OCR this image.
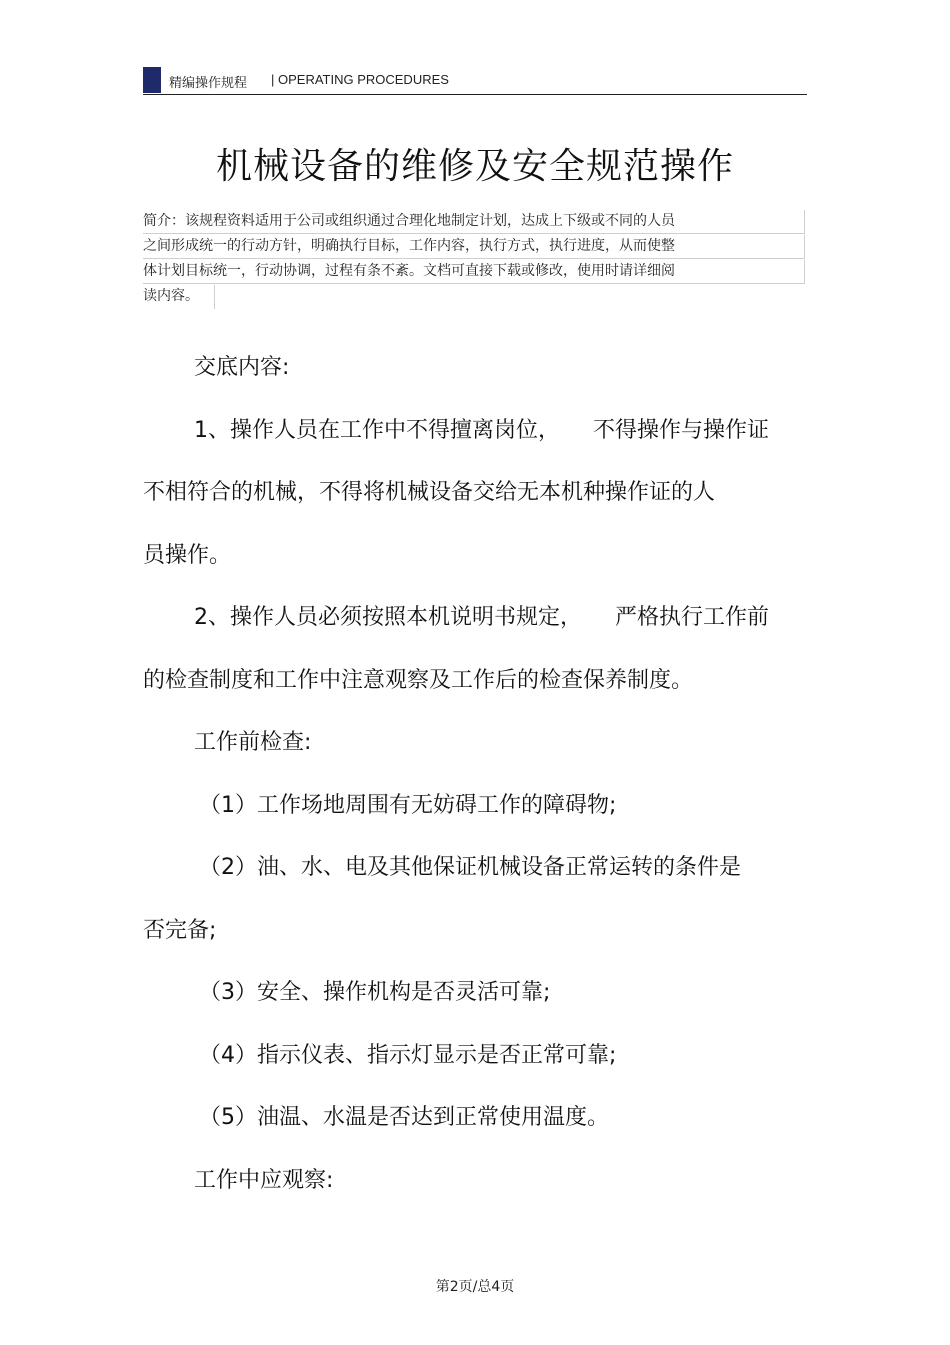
精编操作规程 | OPERATING PROCEDURES
机械设备的维修及安全规范操作
简介：该规程资料适用于公司或组织通过合理化地制定计划，达成上下级或不同的人员
之间形成统一的行动方针，明确执行目标，工作内容，执行方式，执行进度，从而使整
体计划目标统一，行动协调，过程有条不紊。文档可直接下载或修改，使用时请详细阅
读内容。
交底内容:
1、操作人员在工作中不得擅离岗位，　　不得操作与操作证
不相符合的机械，不得将机械设备交给无本机种操作证的人
员操作。
2、操作人员必须按照本机说明书规定，　　严格执行工作前
的检查制度和工作中注意观察及工作后的检查保养制度。
工作前检查:
（1）工作场地周围有无妨碍工作的障碍物;
（2）油、水、电及其他保证机械设备正常运转的条件是
否完备;
（3）安全、操作机构是否灵活可靠;
（4）指示仪表、指示灯显示是否正常可靠;
（5）油温、水温是否达到正常使用温度。
工作中应观察:
第2页/总4页
